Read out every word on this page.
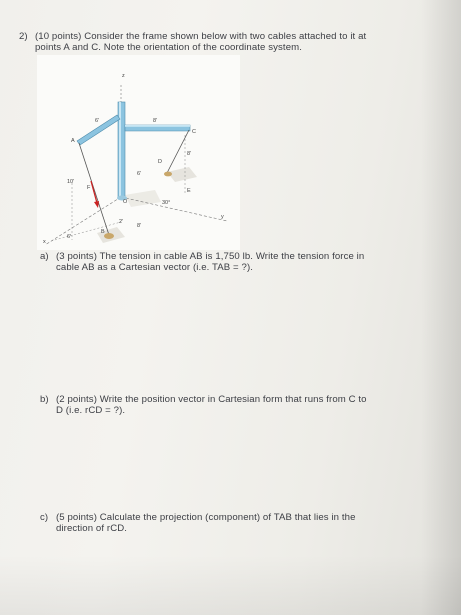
2) (10 points) Consider the frame shown below with two cables attached to it at
points A and C. Note the orientation of the coordinate system.
z
y
x
A
B
C
D
E
O
F
6'	8'
8'
6'
10'
2'
8'
6'
30°
a) (3 points) The tension in cable AB is 1,750 lb. Write the tension force in
cable AB as a Cartesian vector (i.e. TAB = ?).
b) (2 points) Write the position vector in Cartesian form that runs from C to
D (i.e. rCD = ?).
c) (5 points) Calculate the projection (component) of TAB that lies in the
direction of rCD.
